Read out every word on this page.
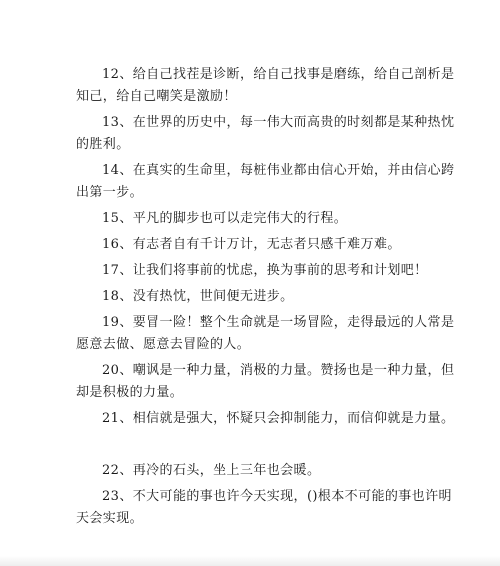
12、给自己找茬是诊断，给自己找事是磨练，给自己剖析是知己，给自己嘲笑是激励！

13、在世界的历史中，每一伟大而高贵的时刻都是某种热忱的胜利。

14、在真实的生命里，每桩伟业都由信心开始，并由信心跨出第一步。

15、平凡的脚步也可以走完伟大的行程。

16、有志者自有千计万计，无志者只感千难万难。

17、让我们将事前的忧虑，换为事前的思考和计划吧！

18、没有热忱，世间便无进步。

19、要冒一险！整个生命就是一场冒险，走得最远的人常是愿意去做、愿意去冒险的人。

20、嘲讽是一种力量，消极的力量。赞扬也是一种力量，但却是积极的力量。

21、相信就是强大，怀疑只会抑制能力，而信仰就是力量。

22、再冷的石头，坐上三年也会暖。

23、不大可能的事也许今天实现，()根本不可能的事也许明天会实现。
